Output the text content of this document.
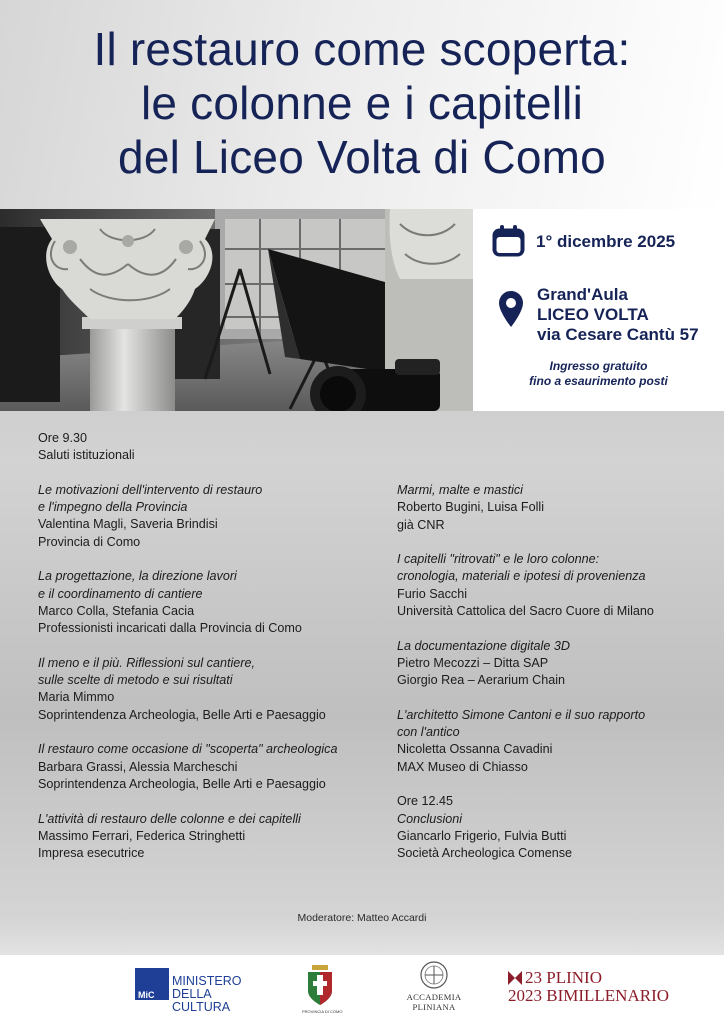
Il restauro come scoperta:
le colonne e i capitelli
del Liceo Volta di Como
1° dicembre 2025
Grand'Aula
LICEO VOLTA
via Cesare Cantù 57
Ingresso gratuito
fino a esaurimento posti
Ore 9.30
Saluti istituzionali
Le motivazioni dell'intervento di restauro
e l'impegno della Provincia
Valentina Magli, Saveria Brindisi
Provincia di Como
La progettazione, la direzione lavori
e il coordinamento di cantiere
Marco Colla, Stefania Cacia
Professionisti incaricati dalla Provincia di Como
Il meno e il più. Riflessioni sul cantiere,
sulle scelte di metodo e sui risultati
Maria Mimmo
Soprintendenza Archeologia, Belle Arti e Paesaggio
Il restauro come occasione di "scoperta" archeologica
Barbara Grassi, Alessia Marcheschi
Soprintendenza Archeologia, Belle Arti e Paesaggio
L'attività di restauro delle colonne e dei capitelli
Massimo Ferrari, Federica Stringhetti
Impresa esecutrice
Marmi, malte e mastici
Roberto Bugini, Luisa Folli
già CNR
I capitelli "ritrovati" e le loro colonne:
cronologia, materiali e ipotesi di provenienza
Furio Sacchi
Università Cattolica del Sacro Cuore di Milano
La documentazione digitale 3D
Pietro Mecozzi – Ditta SAP
Giorgio Rea – Aerarium Chain
L'architetto Simone Cantoni e il suo rapporto
con l'antico
Nicoletta Ossanna Cavadini
MAX Museo di Chiasso
Ore 12.45
Conclusioni
Giancarlo Frigerio, Fulvia Butti
Società Archeologica Comense
Moderatore: Matteo Accardi
MiC
MINISTERO
DELLA
CULTURA	PROVINCIA DI COMO
ACCADEMIA
PLINIANA
23 PLINIO
2023 BIMILLENARIO
